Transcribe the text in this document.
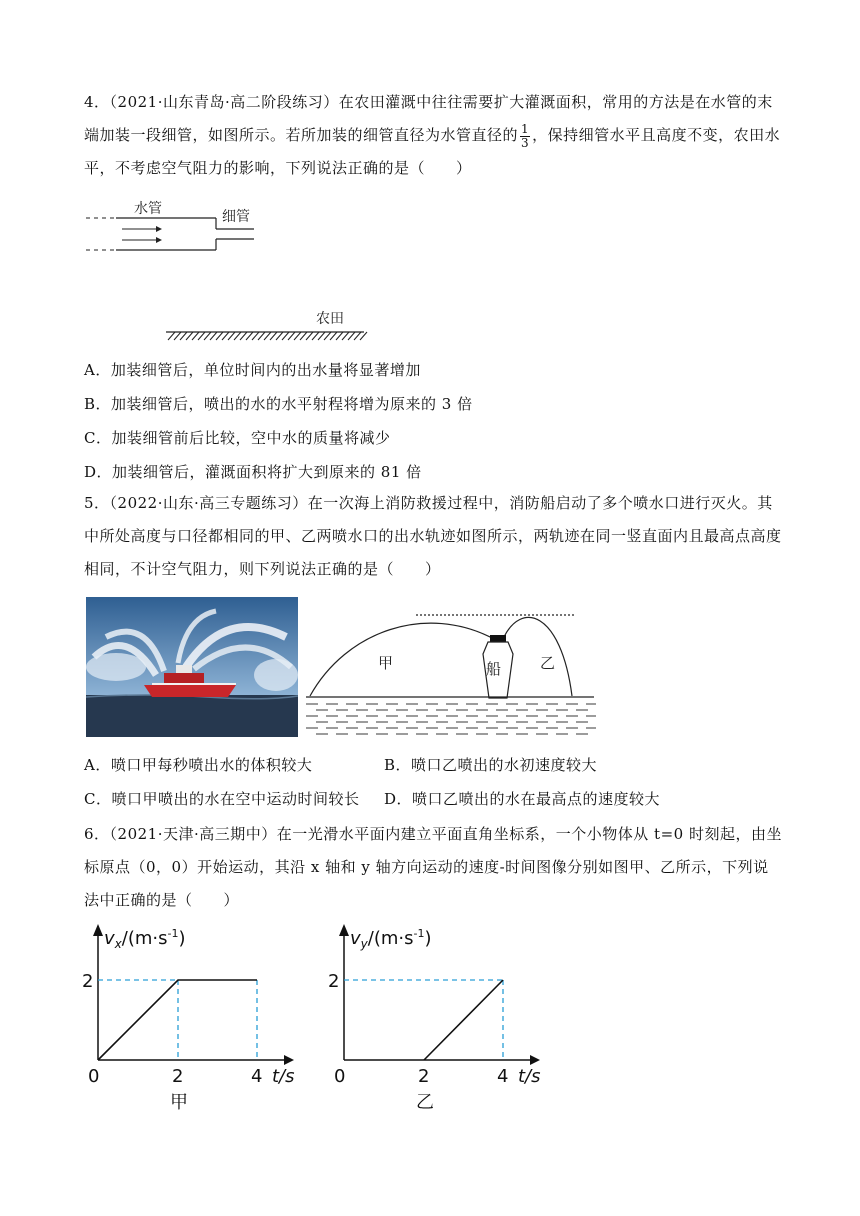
4．（2021·山东青岛·高二阶段练习）在农田灌溉中往往需要扩大灌溉面积，常用的方法是在水管的末端加装一段细管，如图所示。若所加装的细管直径为水管直径的 $\frac{1}{3}$ ，保持细管水平且高度不变，农田水平，不考虑空气阻力的影响，下列说法正确的是（　　）
水管	细管
农田
A．加装细管后，单位时间内的出水量将显著增加
B．加装细管后，喷出的水的水平射程将增为原来的 3 倍
C．加装细管前后比较，空中水的质量将减少
D．加装细管后，灌溉面积将扩大到原来的 81 倍
5．（2022·山东·高三专题练习）在一次海上消防救援过程中，消防船启动了多个喷水口进行灭火。其中所处高度与口径都相同的甲、乙两喷水口的出水轨迹如图所示，两轨迹在同一竖直面内且最高点高度相同，不计空气阻力，则下列说法正确的是（　　）
船
甲	乙
A．喷口甲每秒喷出水的体积较大	B．喷口乙喷出的水初速度较大
C．喷口甲喷出的水在空中运动时间较长 D．喷口乙喷出的水在最高点的速度较大
6．（2021·天津·高三期中）在一光滑水平面内建立平面直角坐标系，一个小物体从 t=0 时刻起，由坐标原点（0，0）开始运动，其沿 x 轴和 y 轴方向运动的速度-时间图像分别如图甲、乙所示，下列说法中正确的是（　　）
$v_x/(m\cdot s^{-1})$
2
0	2	4 t/s
甲
$v_y/(m\cdot s^{-1})$
2
0	2	4 t/s
乙
